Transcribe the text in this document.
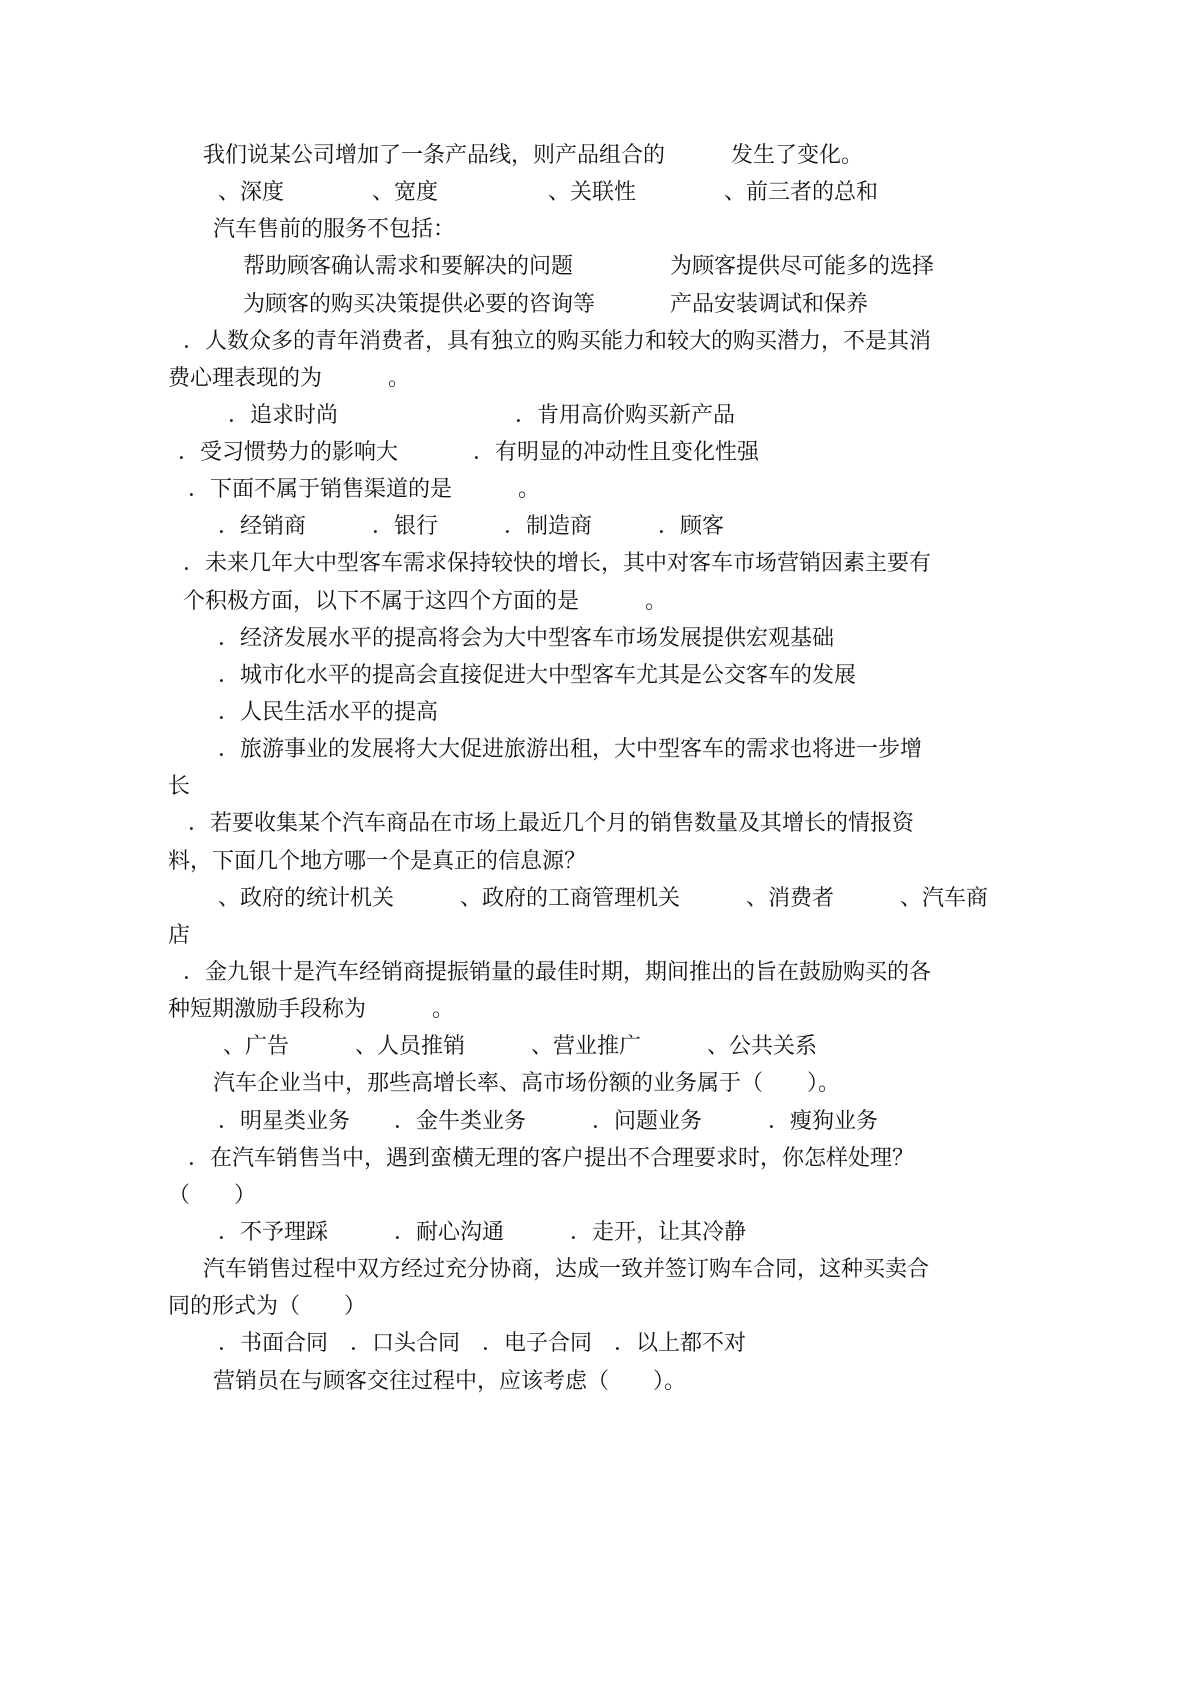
我们说某公司增加了一条产品线，则产品组合的　　　发生了变化。
、深度　　　　、宽度　　　　　、关联性　　　　、前三者的总和
汽车售前的服务不包括：
帮助顾客确认需求和要解决的问题	为顾客提供尽可能多的选择
为顾客的购买决策提供必要的咨询等	产品安装调试和保养
．人数众多的青年消费者，具有独立的购买能力和较大的购买潜力，不是其消
费心理表现的为　　　。
．追求时尚	．肯用高价购买新产品
．受习惯势力的影响大	．有明显的冲动性且变化性强
．下面不属于销售渠道的是　　　。
．经销商　　　．银行　　　．制造商　　　．顾客
．未来几年大中型客车需求保持较快的增长，其中对客车市场营销因素主要有
个积极方面，以下不属于这四个方面的是　　　。
．经济发展水平的提高将会为大中型客车市场发展提供宏观基础
．城市化水平的提高会直接促进大中型客车尤其是公交客车的发展
．人民生活水平的提高
．旅游事业的发展将大大促进旅游出租，大中型客车的需求也将进一步增
长
．若要收集某个汽车商品在市场上最近几个月的销售数量及其增长的情报资
料，下面几个地方哪一个是真正的信息源？
、政府的统计机关　　　、政府的工商管理机关　　　、消费者　　　、汽车商
店
．金九银十是汽车经销商提振销量的最佳时期，期间推出的旨在鼓励购买的各
种短期激励手段称为　　　。
、广告　　　、人员推销　　　、营业推广　　　、公共关系
汽车企业当中，那些高增长率、高市场份额的业务属于（　　）。
．明星类业务　　．金牛类业务　　　．问题业务　　　．瘦狗业务
．在汽车销售当中，遇到蛮横无理的客户提出不合理要求时，你怎样处理？
（　　）
．不予理踩　　　．耐心沟通　　　．走开，让其冷静
汽车销售过程中双方经过充分协商，达成一致并签订购车合同，这种买卖合
同的形式为（　　）
．书面合同　．口头合同　．电子合同　．以上都不对
营销员在与顾客交往过程中，应该考虑（　　）。
